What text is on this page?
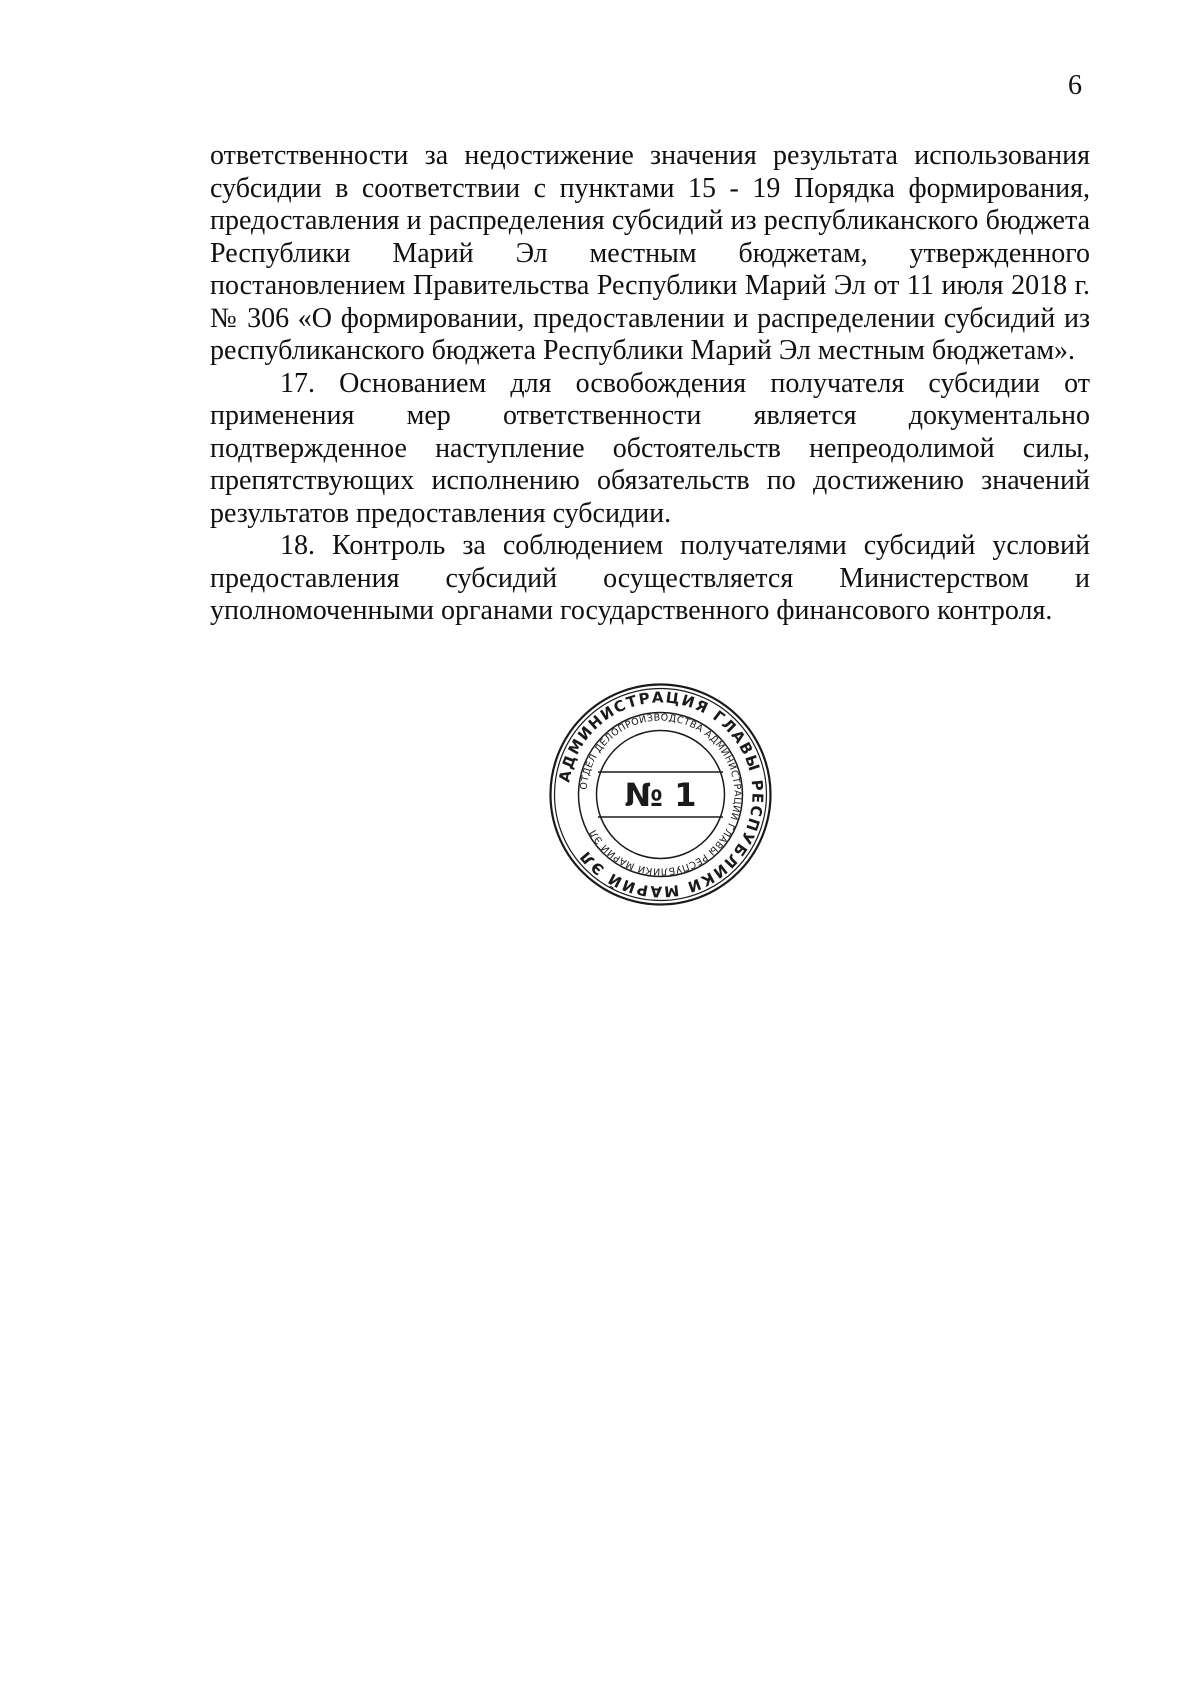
6

ответственности за недостижение значения результата использования субсидии в соответствии с пунктами 15 - 19 Порядка формирования, предоставления и распределения субсидий из республиканского бюджета Республики Марий Эл местным бюджетам, утвержденного постановлением Правительства Республики Марий Эл от 11 июля 2018 г. № 306 «О формировании, предоставлении и распределении субсидий из республиканского бюджета Республики Марий Эл местным бюджетам».

17. Основанием для освобождения получателя субсидии от применения мер ответственности является документально подтвержденное наступление обстоятельств непреодолимой силы, препятствующих исполнению обязательств по достижению значений результатов предоставления субсидии.

18. Контроль за соблюдением получателями субсидий условий предоставления субсидий осуществляется Министерством и уполномоченными органами государственного финансового контроля.

АДМИНИСТРАЦИЯ ГЛАВЫ РЕСПУБЛИКИ МАРИЙ ЭЛ
ОТДЕЛ ДЕЛОПРОИЗВОДСТВА АДМИНИСТРАЦИИ ГЛАВЫ РЕСПУБЛИКИ МАРИЙ ЭЛ
№ 1
